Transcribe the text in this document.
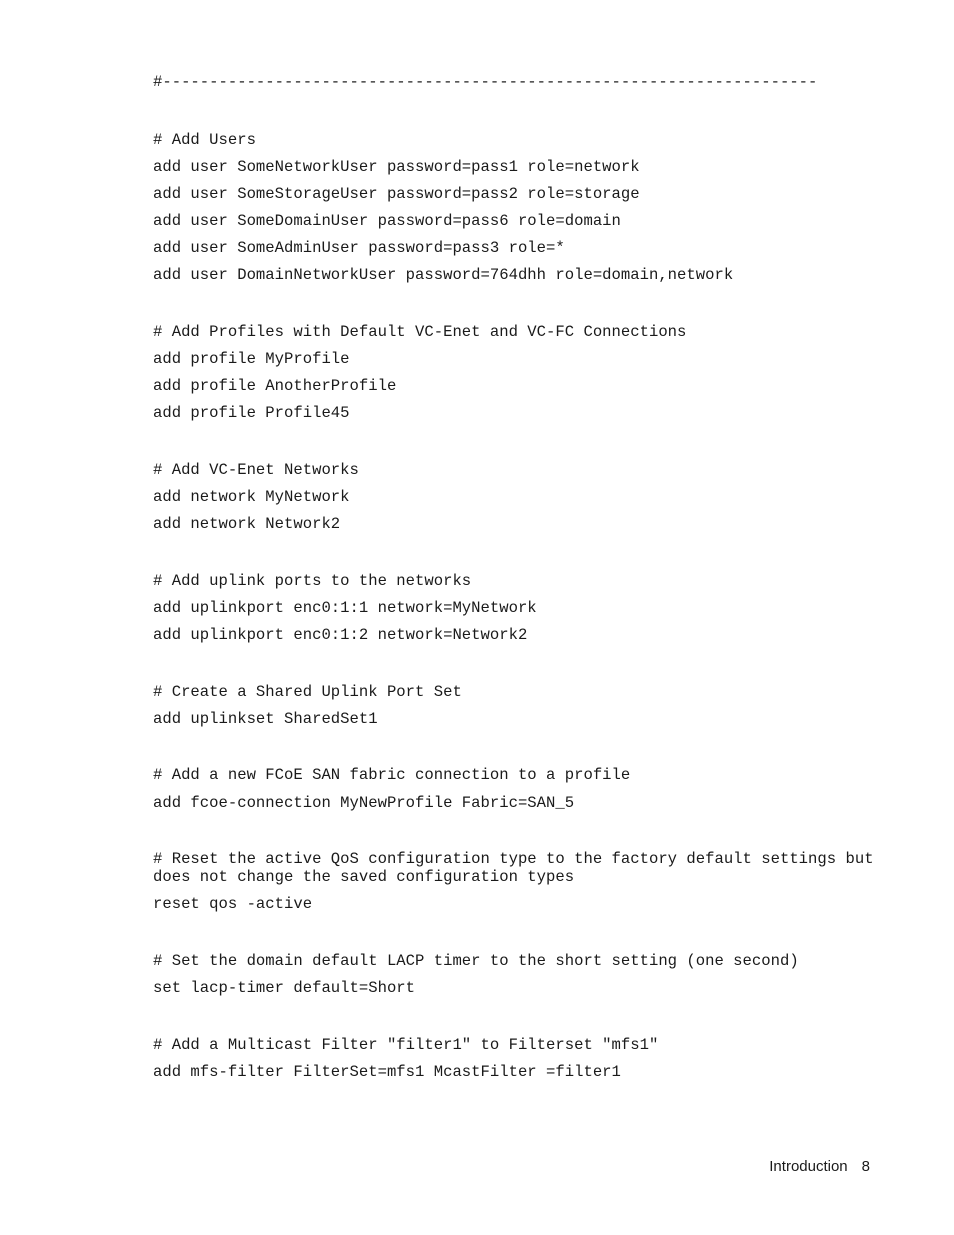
#----------------------------------------------------------------------

# Add Users

add user SomeNetworkUser password=pass1 role=network

add user SomeStorageUser password=pass2 role=storage

add user SomeDomainUser password=pass6 role=domain

add user SomeAdminUser password=pass3 role=*

add user DomainNetworkUser password=764dhh role=domain,network

# Add Profiles with Default VC-Enet and VC-FC Connections

add profile MyProfile

add profile AnotherProfile

add profile Profile45

# Add VC-Enet Networks

add network MyNetwork

add network Network2

# Add uplink ports to the networks

add uplinkport enc0:1:1 network=MyNetwork

add uplinkport enc0:1:2 network=Network2

# Create a Shared Uplink Port Set

add uplinkset SharedSet1

# Add a new FCoE SAN fabric connection to a profile

add fcoe-connection MyNewProfile Fabric=SAN_5

# Reset the active QoS configuration type to the factory default settings but

does not change the saved configuration types

reset qos -active

# Set the domain default LACP timer to the short setting (one second)

set lacp-timer default=Short

# Add a Multicast Filter "filter1" to Filterset "mfs1"

add mfs-filter FilterSet=mfs1 McastFilter =filter1

Introduction 8
